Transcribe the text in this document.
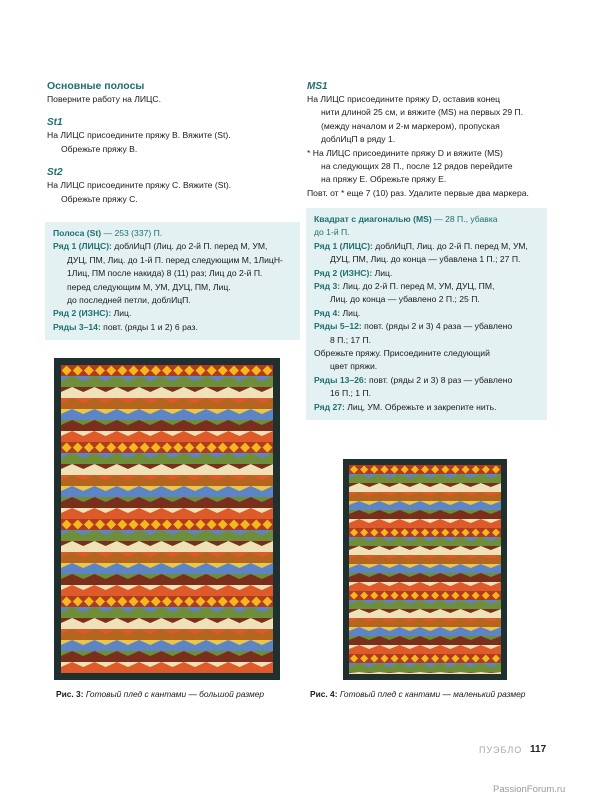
Основные полосы

Поверните работу на ЛИЦС.

St1

На ЛИЦС присоедините пряжу B. Вяжите (St).

Обрежьте пряжу B.

St2

На ЛИЦС присоедините пряжу C. Вяжите (St).

Обрежьте пряжу C.

Полоса (St) — 253 (337) П.

Ряд 1 (ЛИЦС): доблИцП (Лиц. до 2-й П. перед М, УМ,

ДУЦ, ПМ, Лиц. до 1-й П. перед следующим М, 1ЛицН-

1Лиц, ПМ после накида) 8 (11) раз; Лиц до 2-й П.

перед следующим М, УМ, ДУЦ, ПМ, Лиц.

до последней петли, доблИцП.

Ряд 2 (ИЗНС): Лиц.

Ряды 3–14: повт. (ряды 1 и 2) 6 раз.

MS1

На ЛИЦС присоедините пряжу D, оставив конец

нити длиной 25 см, и вяжите (MS) на первых 29 П.

(между началом и 2-м маркером), пропуская

доблИцП в ряду 1.

* На ЛИЦС присоедините пряжу D и вяжите (MS)

на следующих 28 П., после 12 рядов перейдите

на пряжу E. Обрежьте пряжу E.

Повт. от * еще 7 (10) раз. Удалите первые два маркера.

Квадрат с диагональю (MS) — 28 П., убавка

до 1-й П.

Ряд 1 (ЛИЦС): доблИцП, Лиц. до 2-й П. перед М, УМ,

ДУЦ, ПМ, Лиц. до конца — убавлена 1 П.; 27 П.

Ряд 2 (ИЗНС): Лиц.

Ряд 3: Лиц. до 2-й П. перед М, УМ, ДУЦ, ПМ,

Лиц. до конца — убавлено 2 П.; 25 П.

Ряд 4: Лиц.

Ряды 5–12: повт. (ряды 2 и 3) 4 раза — убавлено

8 П.; 17 П.

Обрежьте пряжу. Присоедините следующий

цвет пряжи.

Ряды 13–26: повт. (ряды 2 и 3) 8 раз — убавлено

16 П.; 1 П.

Ряд 27: Лиц, УМ. Обрежьте и закрепите нить.

Рис. 3: Готовый плед с кантами — большой размер	Рис. 4: Готовый плед с кантами — маленький размер
ПУЭБЛО 117
PassionForum.ru
